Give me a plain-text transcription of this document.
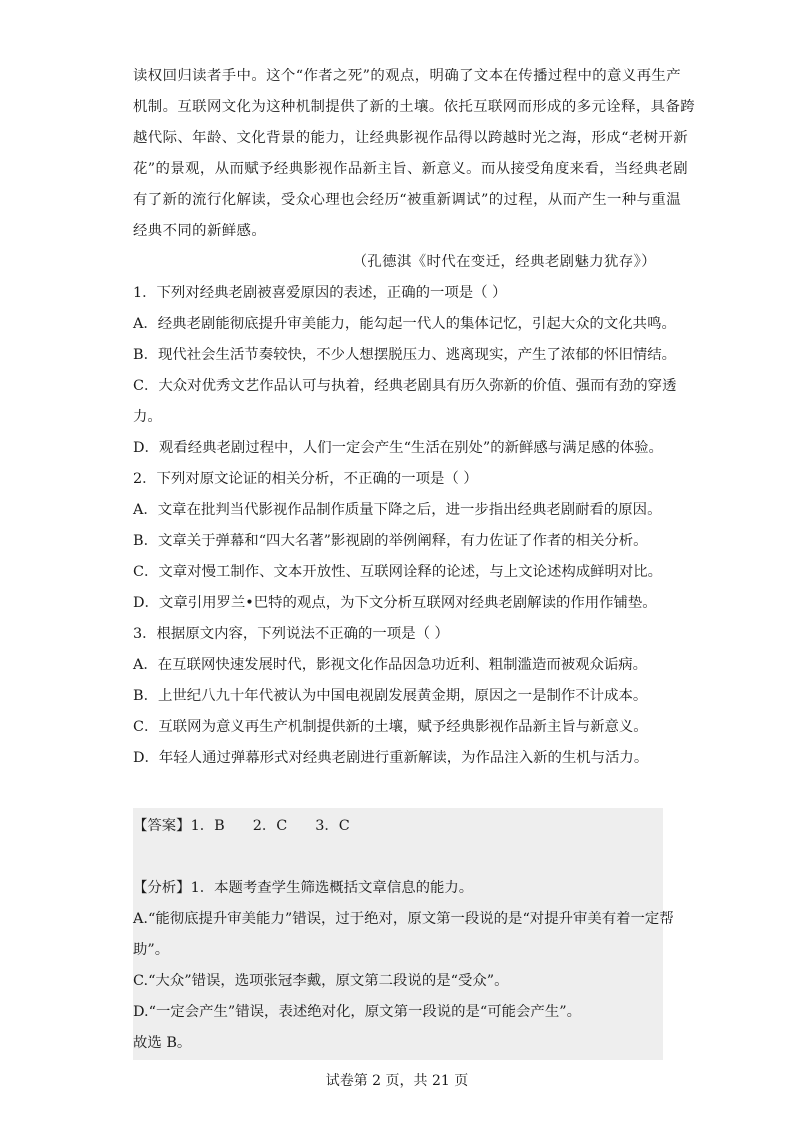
读权回归读者手中。这个“作者之死”的观点，明确了文本在传播过程中的意义再生产
机制。互联网文化为这种机制提供了新的土壤。依托互联网而形成的多元诠释，具备跨
越代际、年龄、文化背景的能力，让经典影视作品得以跨越时光之海，形成“老树开新
花”的景观，从而赋予经典影视作品新主旨、新意义。而从接受角度来看，当经典老剧
有了新的流行化解读，受众心理也会经历“被重新调试”的过程，从而产生一种与重温
经典不同的新鲜感。
（孔德淇《时代在变迁，经典老剧魅力犹存》）
1．下列对经典老剧被喜爱原因的表述，正确的一项是（ ）
A．经典老剧能彻底提升审美能力，能勾起一代人的集体记忆，引起大众的文化共鸣。
B．现代社会生活节奏较快，不少人想摆脱压力、逃离现实，产生了浓郁的怀旧情结。
C．大众对优秀文艺作品认可与执着，经典老剧具有历久弥新的价值、强而有劲的穿透
力。
D．观看经典老剧过程中，人们一定会产生“生活在别处”的新鲜感与满足感的体验。
2．下列对原文论证的相关分析，不正确的一项是（ ）
A．文章在批判当代影视作品制作质量下降之后，进一步指出经典老剧耐看的原因。
B．文章关于弹幕和“四大名著”影视剧的举例阐释，有力佐证了作者的相关分析。
C．文章对慢工制作、文本开放性、互联网诠释的论述，与上文论述构成鲜明对比。
D．文章引用罗兰•巴特的观点，为下文分析互联网对经典老剧解读的作用作铺垫。
3．根据原文内容，下列说法不正确的一项是（ ）
A．在互联网快速发展时代，影视文化作品因急功近利、粗制滥造而被观众诟病。
B．上世纪八九十年代被认为中国电视剧发展黄金期，原因之一是制作不计成本。
C．互联网为意义再生产机制提供新的土壤，赋予经典影视作品新主旨与新意义。
D．年轻人通过弹幕形式对经典老剧进行重新解读，为作品注入新的生机与活力。
【答案】1．B 2．C 3．C
【分析】1．本题考查学生筛选概括文章信息的能力。
A.“能彻底提升审美能力”错误，过于绝对，原文第一段说的是“对提升审美有着一定帮
助”。
C.“大众”错误，选项张冠李戴，原文第二段说的是“受众”。
D.“一定会产生”错误，表述绝对化，原文第一段说的是“可能会产生”。
故选 B。
试卷第 2 页，共 21 页
